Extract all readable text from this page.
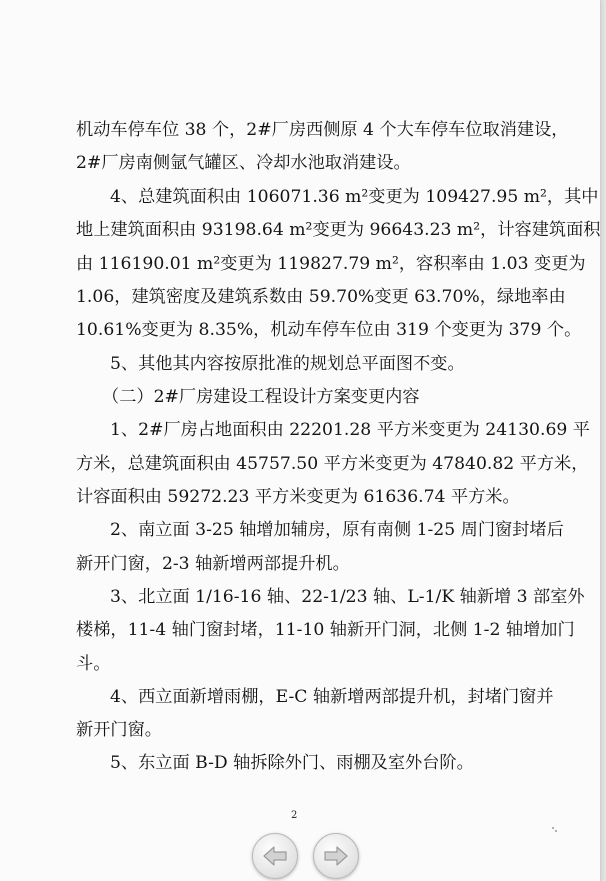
机动车停车位 38 个，2#厂房西侧原 4 个大车停车位取消建设，
2#厂房南侧氩气罐区、冷却水池取消建设。
4、总建筑面积由 106071.36 m²变更为 109427.95 m²，其中
地上建筑面积由 93198.64 m²变更为 96643.23 m²，计容建筑面积
由 116190.01 m²变更为 119827.79 m²，容积率由 1.03 变更为
1.06，建筑密度及建筑系数由 59.70%变更 63.70%，绿地率由
10.61%变更为 8.35%，机动车停车位由 319 个变更为 379 个。
5、其他其内容按原批准的规划总平面图不变。
（二）2#厂房建设工程设计方案变更内容
1、2#厂房占地面积由 22201.28 平方米变更为 24130.69 平
方米，总建筑面积由 45757.50 平方米变更为 47840.82 平方米，
计容面积由 59272.23 平方米变更为 61636.74 平方米。
2、南立面 3-25 轴增加辅房，原有南侧 1-25 周门窗封堵后
新开门窗，2-3 轴新增两部提升机。
3、北立面 1/16-16 轴、22-1/23 轴、L-1/K 轴新增 3 部室外
楼梯，11-4 轴门窗封堵，11-10 轴新开门洞，北侧 1-2 轴增加门
斗。
4、西立面新增雨棚，E-C 轴新增两部提升机，封堵门窗并
新开门窗。
5、东立面 B-D 轴拆除外门、雨棚及室外台阶。
2
